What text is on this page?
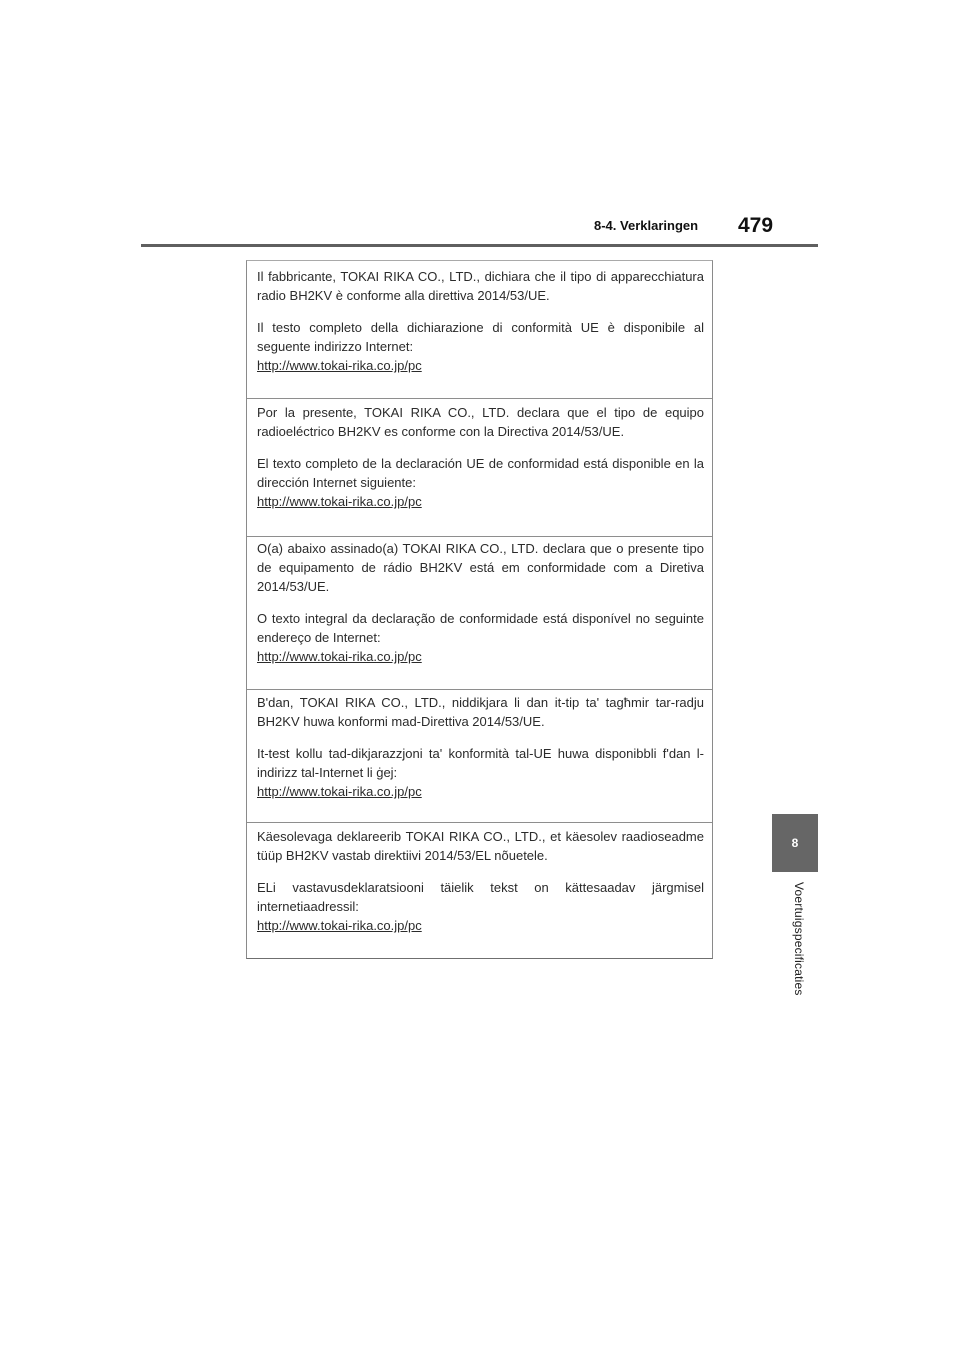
8-4. Verklaringen 479
8
Voertuigspecificaties

Il fabbricante, TOKAI RIKA CO., LTD., dichiara che il tipo di apparecchiatura radio BH2KV è conforme alla direttiva 2014/53/UE.

Il testo completo della dichiarazione di conformità UE è disponibile al seguente indirizzo Internet:

http://www.tokai-rika.co.jp/pc

Por la presente, TOKAI RIKA CO., LTD. declara que el tipo de equipo radioeléctrico BH2KV es conforme con la Directiva 2014/53/UE.

El texto completo de la declaración UE de conformidad está disponible en la dirección Internet siguiente:

http://www.tokai-rika.co.jp/pc

O(a) abaixo assinado(a) TOKAI RIKA CO., LTD. declara que o presente tipo de equipamento de rádio BH2KV está em conformidade com a Diretiva 2014/53/UE.

O texto integral da declaração de conformidade está disponível no seguinte endereço de Internet:

http://www.tokai-rika.co.jp/pc

B'dan, TOKAI RIKA CO., LTD., niddikjara li dan it-tip ta' tagħmir tar-radju BH2KV huwa konformi mad-Direttiva 2014/53/UE.

It-test kollu tad-dikjarazzjoni ta' konformità tal-UE huwa disponibbli f'dan l-indirizz tal-Internet li ġej:

http://www.tokai-rika.co.jp/pc

Käesolevaga deklareerib TOKAI RIKA CO., LTD., et käesolev raadioseadme tüüp BH2KV vastab direktiivi 2014/53/EL nõuetele.

ELi vastavusdeklaratsiooni täielik tekst on kättesaadav järgmisel internetiaadressil:

http://www.tokai-rika.co.jp/pc
